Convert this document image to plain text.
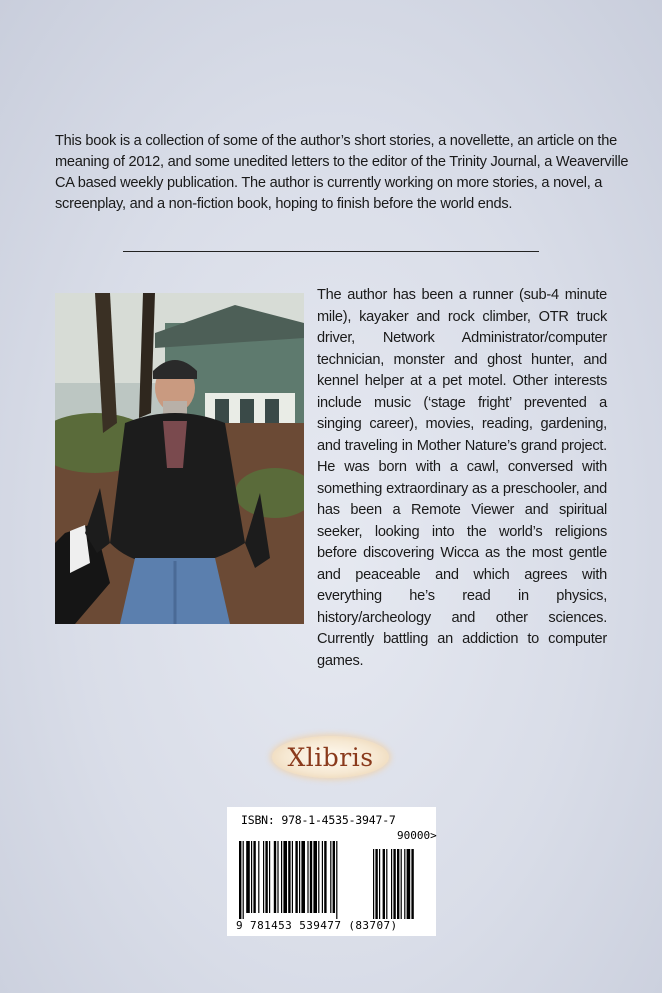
This book is a collection of some of the author’s short stories, a novellette, an article on the meaning of 2012, and some unedited letters to the editor of the Trinity Journal, a Weaverville CA based weekly publication. The author is currently working on more stories, a novel, a screenplay, and a non-fiction book, hoping to finish before the world ends.

The author has been a runner (sub-4 minute mile), kayaker and rock climber, OTR truck driver, Network Administrator/computer technician, monster and ghost hunter, and kennel helper at a pet motel. Other interests include music (‘stage fright’ prevented a singing career), movies, reading, gardening, and traveling in Mother Nature’s grand project. He was born with a cawl, conversed with something extraordinary as a preschooler, and has been a Remote Viewer and spiritual seeker, looking into the world’s religions before discovering Wicca as the most gentle and peaceable and which agrees with everything he’s read in physics, history/archeology and other sciences. Currently battling an addiction to computer games.

Xlibris
ISBN: 978-1-4535-3947-7
90000>
9 781453 539477 (83707)
